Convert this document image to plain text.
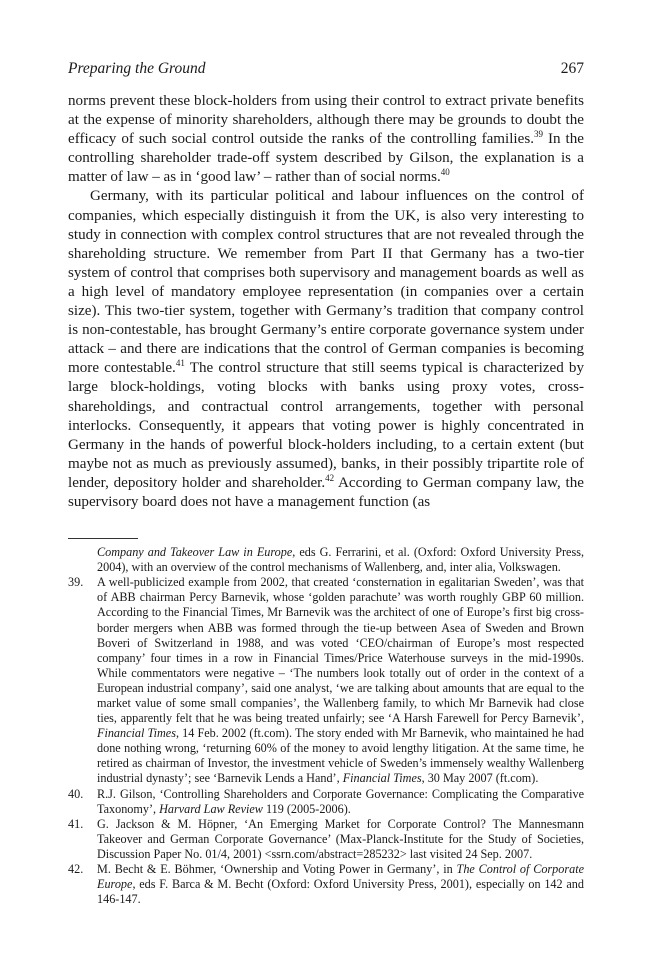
Preparing the Ground	267

norms prevent these block-holders from using their control to extract private benefits at the expense of minority shareholders, although there may be grounds to doubt the efficacy of such social control outside the ranks of the controlling families.$^{39}$ In the controlling shareholder trade-off system described by Gilson, the explanation is a matter of law – as in ‘good law’ – rather than of social norms.$^{40}$

Germany, with its particular political and labour influences on the control of companies, which especially distinguish it from the UK, is also very interesting to study in connection with complex control structures that are not revealed through the shareholding structure. We remember from Part II that Germany has a two-tier system of control that comprises both supervisory and management boards as well as a high level of mandatory employee representation (in companies over a certain size). This two-tier system, together with Germany’s tradition that company control is non-contestable, has brought Germany’s entire corporate governance system under attack – and there are indications that the control of German companies is becoming more contestable.$^{41}$ The control structure that still seems typical is characterized by large block-holdings, voting blocks with banks using proxy votes, cross-shareholdings, and contractual control arrangements, together with personal interlocks. Consequently, it appears that voting power is highly concentrated in Germany in the hands of powerful block-holders including, to a certain extent (but maybe not as much as previously assumed), banks, in their possibly tripartite role of lender, depository holder and shareholder.$^{42}$ According to German company law, the supervisory board does not have a management function (as

Company and Takeover Law in Europe, eds G. Ferrarini, et al. (Oxford: Oxford University Press, 2004), with an overview of the control mechanisms of Wallenberg, and, inter alia, Volkswagen.

39.	A well-publicized example from 2002, that created ‘consternation in egalitarian Sweden’, was that of ABB chairman Percy Barnevik, whose ‘golden parachute’ was worth roughly GBP 60 million. According to the Financial Times, Mr Barnevik was the architect of one of Europe’s first big cross-border mergers when ABB was formed through the tie-up between Asea of Sweden and Brown Boveri of Switzerland in 1988, and was voted ‘CEO/chairman of Europe’s most respected company’ four times in a row in Financial Times/Price Waterhouse surveys in the mid-1990s. While commentators were negative – ‘The numbers look totally out of order in the context of a European industrial company’, said one analyst, ‘we are talking about amounts that are equal to the market value of some small companies’, the Wallenberg family, to which Mr Barnevik had close ties, apparently felt that he was being treated unfairly; see ‘A Harsh Farewell for Percy Barnevik’, Financial Times, 14 Feb. 2002 (ft.com). The story ended with Mr Barnevik, who maintained he had done nothing wrong, ‘returning 60% of the money to avoid lengthy litigation. At the same time, he retired as chairman of Investor, the investment vehicle of Sweden’s immensely wealthy Wallenberg industrial dynasty’; see ‘Barnevik Lends a Hand’, Financial Times, 30 May 2007 (ft.com).

40.	R.J. Gilson, ‘Controlling Shareholders and Corporate Governance: Complicating the Comparative Taxonomy’, Harvard Law Review 119 (2005-2006).

41.	G. Jackson & M. Höpner, ‘An Emerging Market for Corporate Control? The Mannesmann Takeover and German Corporate Governance’ (Max-Planck-Institute for the Study of Societies, Discussion Paper No. 01/4, 2001) <ssrn.com/abstract=285232> last visited 24 Sep. 2007.

42.	M. Becht & E. Böhmer, ‘Ownership and Voting Power in Germany’, in The Control of Corporate Europe, eds F. Barca & M. Becht (Oxford: Oxford University Press, 2001), especially on 142 and 146-147.
